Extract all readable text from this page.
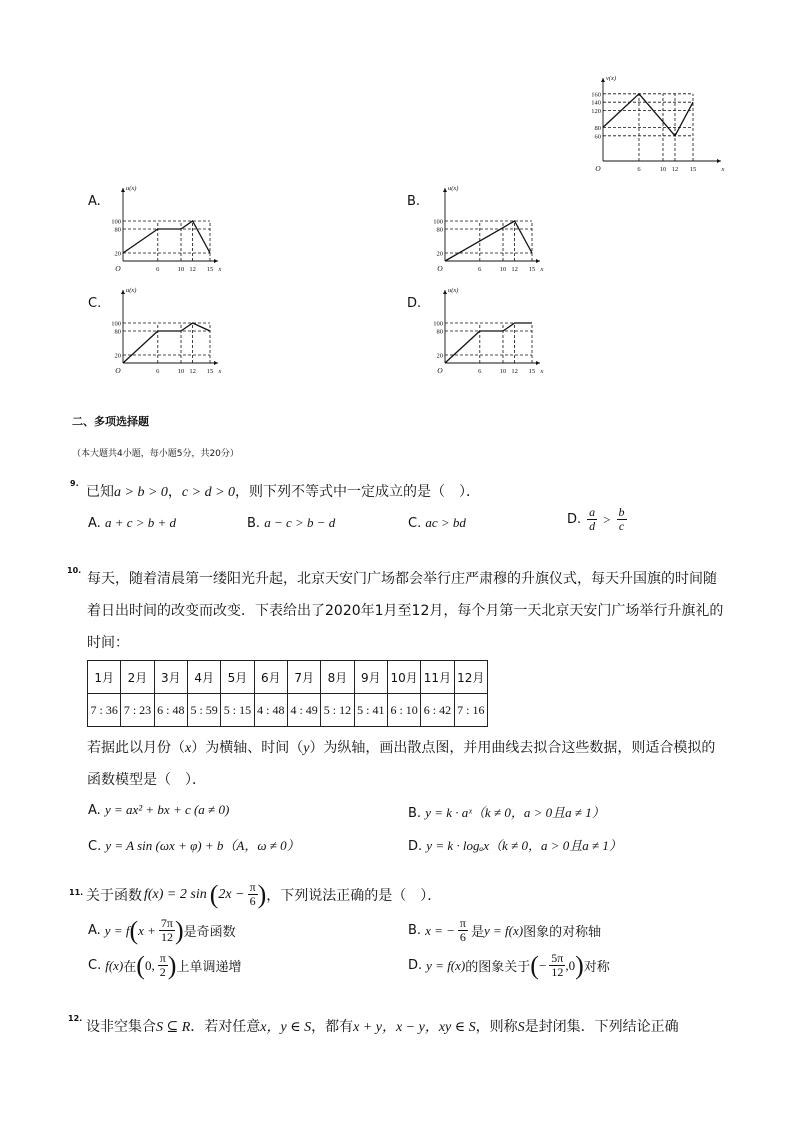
160
140
120
80
60
6	10 12 15
O	x
v(x)
A.
100
80
20
6	10 12 15
O	x
u(x)
B.
100
80
20
6	10 12 15
O	x
u(x)
C.
100
80
20
6	10 12 15
O	x
u(x)
D.
100
80
20
6	10 12 15
O	x
u(x)
二、多项选择题
（本大题共4小题，每小题5分，共20分）
9.
已知a > b > 0，c > d > 0，则下列不等式中一定成立的是（　）．
A. a + c > b + d	B. a − c > b − d	C. ac > bd	D. $\frac{a}{d} > \frac{b}{c}$
10.
每天，随着清晨第一缕阳光升起，北京天安门广场都会举行庄严肃穆的升旗仪式，每天升国旗的时间随
着日出时间的改变而改变．下表给出了2020年1月至12月，每个月第一天北京天安门广场举行升旗礼的
时间：
1月	2月	3月	4月	5月	6月	7月	8月	9月	10月	11月	12月
7 : 36	7 : 23	6 : 48	5 : 59	5 : 15	4 : 48	4 : 49	5 : 12	5 : 41	6 : 10	6 : 42	7 : 16
若据此以月份（x）为横轴、时间（y）为纵轴，画出散点图，并用曲线去拟合这些数据，则适合模拟的
函数模型是（　）．
A. y = ax² + bx + c (a ≠ 0)	B. y = k · aˣ（k ≠ 0，a > 0且a ≠ 1）
C. y = A sin (ωx + φ) + b（A，ω ≠ 0）	D. y = k · logₐx（k ≠ 0，a > 0且a ≠ 1）
11. 关于函数 f(x) = 2 sin ( $2x - \frac{\pi}{6}$ ) ，下列说法正确的是（　）．
A. y = f ( $x + \frac{7\pi}{12}$ ) 是奇函数	B. x = − $\frac{\pi}{6}$ 是 y = f(x) 图象的对称轴
C. f(x) 在 ( 0, $\frac{\pi}{2}$ ) 上单调递增	D. y = f(x) 的图象关于 ( − $\frac{5\pi}{12} ,0$ ) 对称
12.
设非空集合S ⊆ R．若对任意x，y ∈ S，都有x + y，x − y，xy ∈ S，则称S是封闭集．下列结论正确
